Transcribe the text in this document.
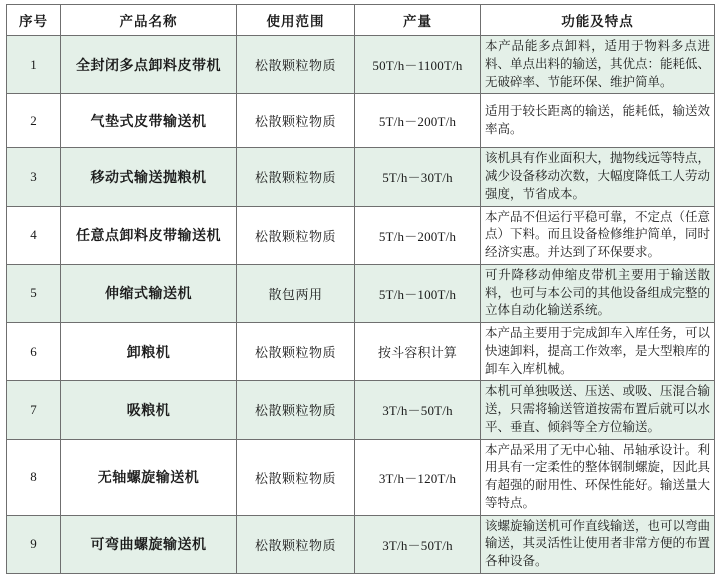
序号	产品名称	使用范围	产量	功能及特点
1	全封闭多点卸料皮带机	松散颗粒物质	50T/h－1100T/h	本产品能多点卸料，适用于物料多点进料、单点出料的输送，其优点：能耗低、无破碎率、节能环保、维护简单。
2	气垫式皮带输送机	松散颗粒物质	5T/h－200T/h	适用于较长距离的输送，能耗低，输送效率高。
3	移动式输送抛粮机	松散颗粒物质	5T/h－30T/h	该机具有作业面积大，抛物线远等特点，减少设备移动次数，大幅度降低工人劳动强度，节省成本。
4	任意点卸料皮带输送机	松散颗粒物质	5T/h－200T/h	本产品不但运行平稳可靠，不定点（任意点）下料。而且设备检修维护简单，同时经济实惠。并达到了环保要求。
5	伸缩式输送机	散包两用	5T/h－100T/h	可升降移动伸缩皮带机主要用于输送散料，也可与本公司的其他设备组成完整的立体自动化输送系统。
6	卸粮机	松散颗粒物质	按斗容积计算	本产品主要用于完成卸车入库任务，可以快速卸料，提高工作效率，是大型粮库的卸车入库机械。
7	吸粮机	松散颗粒物质	3T/h－50T/h	本机可单独吸送、压送、或吸、压混合输送，只需将输送管道按需布置后就可以水平、垂直、倾斜等全方位输送。
8	无轴螺旋输送机	松散颗粒物质	3T/h－120T/h	本产品采用了无中心轴、吊轴承设计。利用具有一定柔性的整体钢制螺旋，因此具有超强的耐用性、环保性能好。输送量大等特点。
9	可弯曲螺旋输送机	松散颗粒物质	3T/h－50T/h	该螺旋输送机可作直线输送，也可以弯曲输送，其灵活性让使用者非常方便的布置各种设备。
